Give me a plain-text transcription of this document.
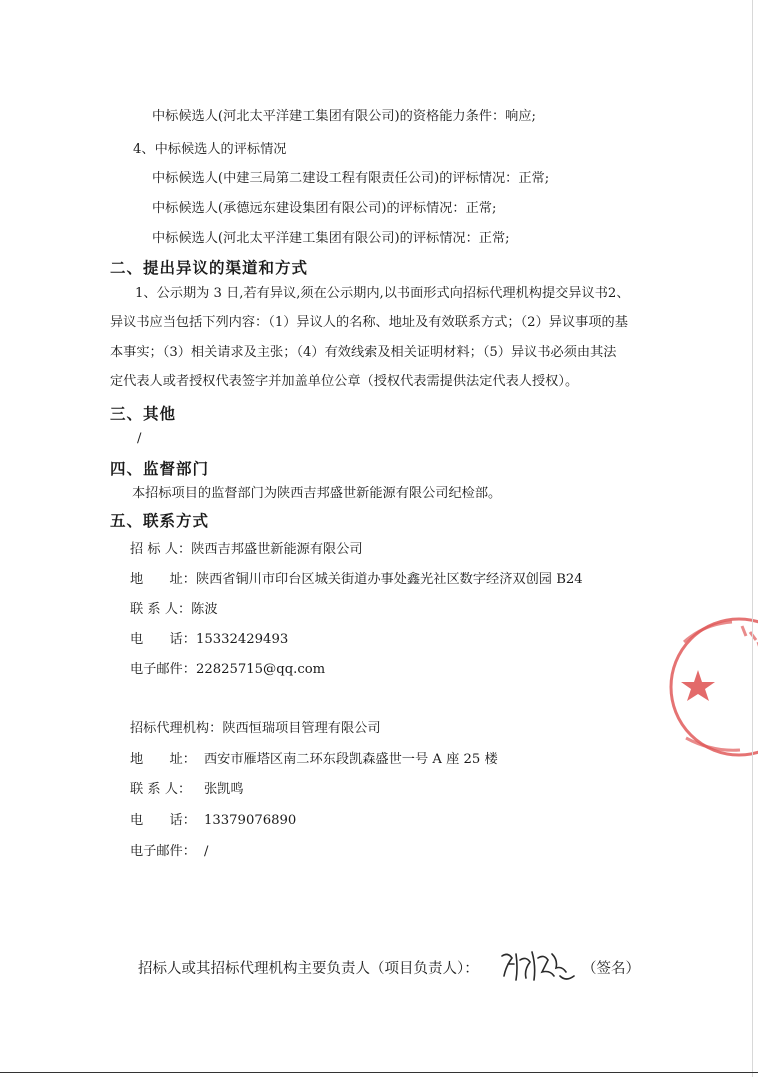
中标候选人(河北太平洋建工集团有限公司)的资格能力条件：响应;
4、中标候选人的评标情况
中标候选人(中建三局第二建设工程有限责任公司)的评标情况：正常;
中标候选人(承德远东建设集团有限公司)的评标情况：正常;
中标候选人(河北太平洋建工集团有限公司)的评标情况：正常;
二、提出异议的渠道和方式
1、公示期为 3 日,若有异议,须在公示期内,以书面形式向招标代理机构提交异议书2、
异议书应当包括下列内容：（1）异议人的名称、地址及有效联系方式；（2）异议事项的基
本事实；（3）相关请求及主张；（4）有效线索及相关证明材料；（5）异议书必须由其法
定代表人或者授权代表签字并加盖单位公章（授权代表需提供法定代表人授权）。
三、其他
/
四、监督部门
本招标项目的监督部门为陕西吉邦盛世新能源有限公司纪检部。
五、联系方式
招 标 人：陕西吉邦盛世新能源有限公司
地　　址：陕西省铜川市印台区城关街道办事处鑫光社区数字经济双创园 B24
联 系 人：陈波
电　　话：15332429493
电子邮件：22825715@qq.com
招标代理机构：陕西恒瑞项目管理有限公司
地　　址： 西安市雁塔区南二环东段凯森盛世一号 A 座 25 楼
联 系 人： 张凯鸣
电　　话： 13379076890
电子邮件： /
招标人或其招标代理机构主要负责人（项目负责人）：	（签名）
